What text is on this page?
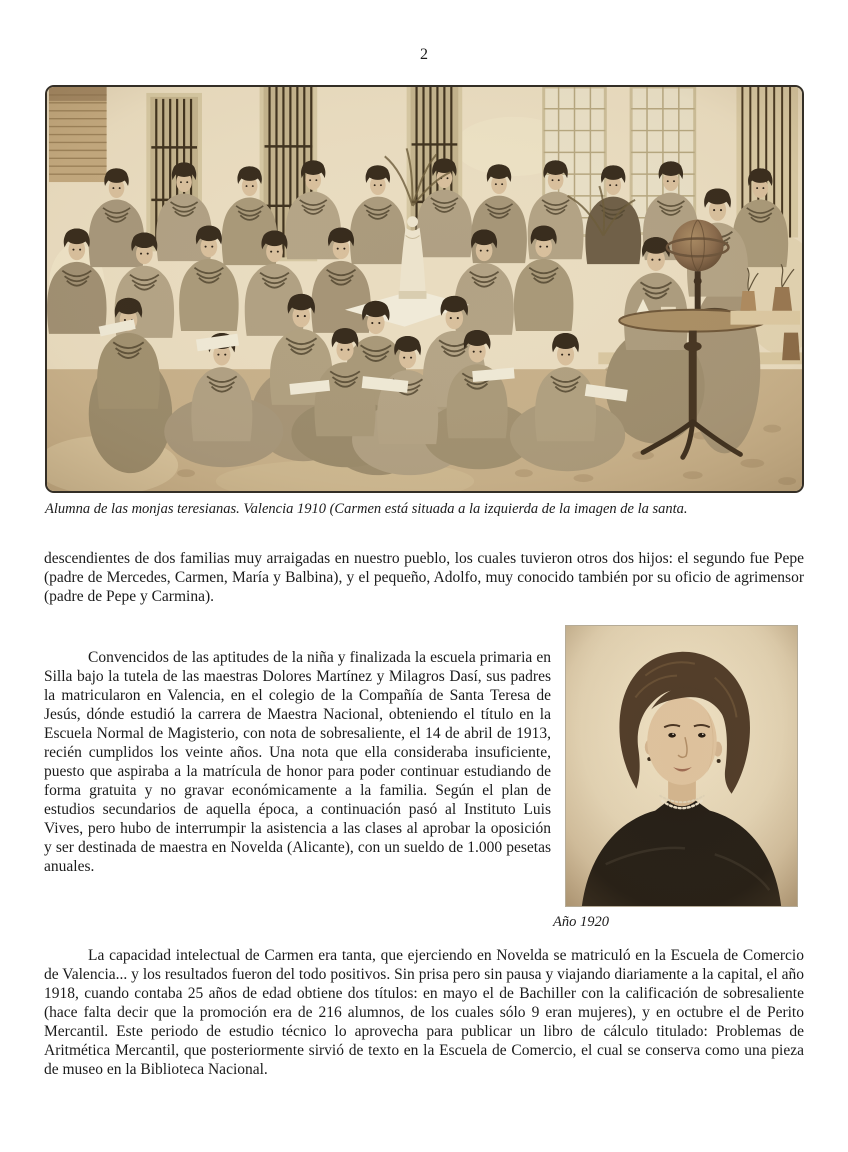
2
Alumna de las monjas teresianas. Valencia 1910 (Carmen está situada a la izquierda de la imagen de la santa.

descendientes de dos familias muy arraigadas en nuestro pueblo, los cuales tuvieron otros dos hijos: el segundo fue Pepe (padre de Mercedes, Carmen, María y Balbina), y el pequeño, Adolfo, muy conocido también por su oficio de agrimensor (padre de Pepe y Carmina).

Año 1920

Convencidos de las aptitudes de la niña y finalizada la escuela primaria en Silla bajo la tutela de las maestras Dolores Martínez y Milagros Dasí, sus padres la matricularon en Valencia, en el colegio de la Compañía de Santa Teresa de Jesús, dónde estudió la carrera de Maestra Nacional, obteniendo el título en la Escuela Normal de Magisterio, con nota de sobresaliente, el 14 de abril de 1913, recién cumplidos los veinte años. Una nota que ella consideraba insuficiente, puesto que aspiraba a la matrícula de honor para poder continuar estudiando de forma gratuita y no gravar económicamente a la familia. Según el plan de estudios secundarios de aquella época, a continuación pasó al Instituto Luis Vives, pero hubo de interrumpir la asistencia a las clases al aprobar la oposición y ser destinada de maestra en Novelda (Alicante), con un sueldo de 1.000 pesetas anuales.

La capacidad intelectual de Carmen era tanta, que ejerciendo en Novelda se matriculó en la Escuela de Comercio de Valencia... y los resultados fueron del todo positivos. Sin prisa pero sin pausa y viajando diariamente a la capital, el año 1918, cuando contaba 25 años de edad obtiene dos títulos: en mayo el de Bachiller con la calificación de sobresaliente (hace falta decir que la promoción era de 216 alumnos, de los cuales sólo 9 eran mujeres), y en octubre el de Perito Mercantil. Este periodo de estudio técnico lo aprovecha para publicar un libro de cálculo titulado: Problemas de Aritmética Mercantil, que posteriormente sirvió de texto en la Escuela de Comercio, el cual se conserva como una pieza de museo en la Biblioteca Nacional.
